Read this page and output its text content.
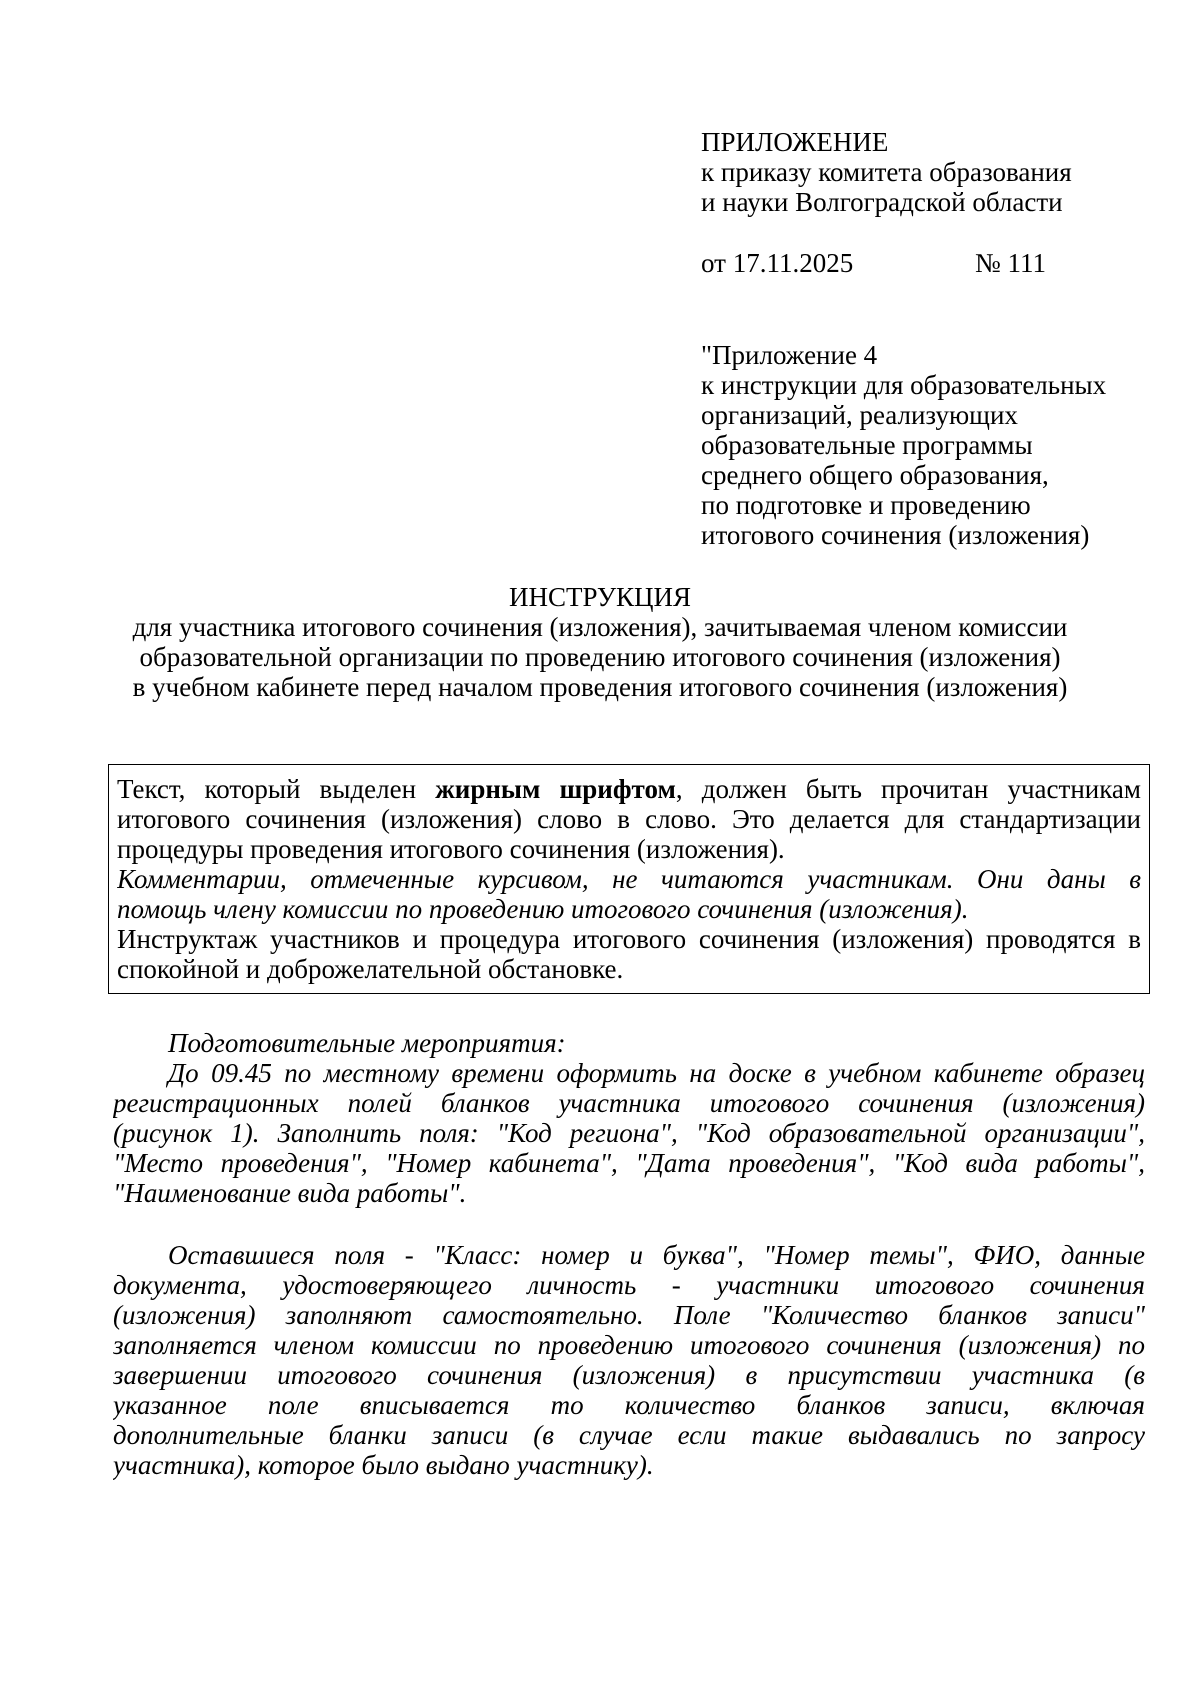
ПРИЛОЖЕНИЕ
к приказу комитета образования
и науки Волгоградской области
от 17.11.2025	№ 111
"Приложение 4
к инструкции для образовательных
организаций, реализующих
образовательные программы
среднего общего образования,
по подготовке и проведению
итогового сочинения (изложения)
ИНСТРУКЦИЯ
для участника итогового сочинения (изложения), зачитываемая членом комиссии
образовательной организации по проведению итогового сочинения (изложения)
в учебном кабинете перед началом проведения итогового сочинения (изложения)
Текст, который выделен жирным шрифтом, должен быть прочитан участникам
итогового сочинения (изложения) слово в слово. Это делается для стандартизации
процедуры проведения итогового сочинения (изложения).
Комментарии, отмеченные курсивом, не читаются участникам. Они даны в
помощь члену комиссии по проведению итогового сочинения (изложения).
Инструктаж участников и процедура итогового сочинения (изложения) проводятся в
спокойной и доброжелательной обстановке.
Подготовительные мероприятия:
До 09.45 по местному времени оформить на доске в учебном кабинете образец
регистрационных полей бланков участника итогового сочинения (изложения)
(рисунок 1). Заполнить поля: "Код региона", "Код образовательной организации",
"Место проведения", "Номер кабинета", "Дата проведения", "Код вида работы",
"Наименование вида работы".
Оставшиеся поля - "Класс: номер и буква", "Номер темы", ФИО, данные
документа, удостоверяющего личность - участники итогового сочинения
(изложения) заполняют самостоятельно. Поле "Количество бланков записи"
заполняется членом комиссии по проведению итогового сочинения (изложения) по
завершении итогового сочинения (изложения) в присутствии участника (в
указанное поле вписывается то количество бланков записи, включая
дополнительные бланки записи (в случае если такие выдавались по запросу
участника), которое было выдано участнику).
